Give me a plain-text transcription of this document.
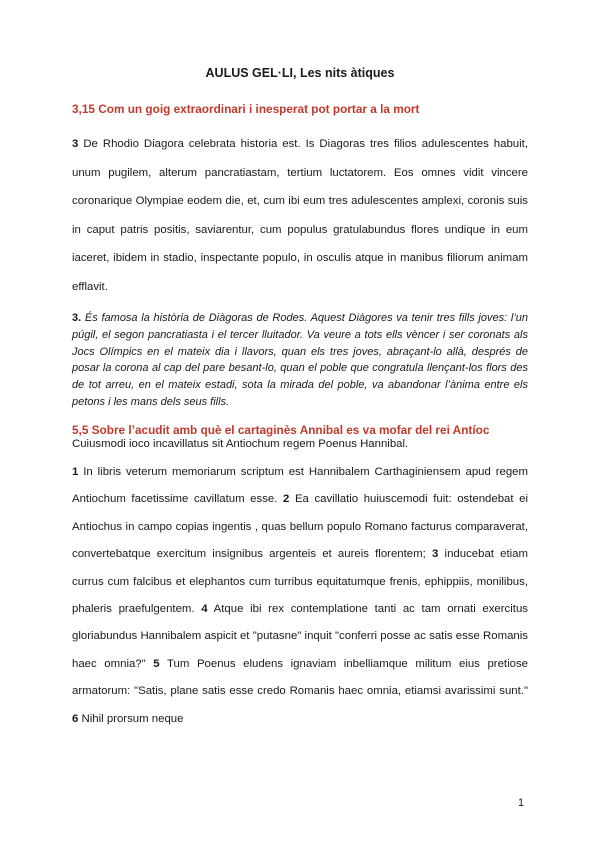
AULUS GEL·LI, Les nits àtiques
3,15 Com un goig extraordinari i inesperat pot portar a la mort

3 De Rhodio Diagora celebrata historia est. Is Diagoras tres filios adulescentes habuit, unum pugilem, alterum pancratiastam, tertium luctatorem. Eos omnes vidit vincere coronarique Olympiae eodem die, et, cum ibi eum tres adulescentes amplexi, coronis suis in caput patris positis, saviarentur, cum populus gratulabundus flores undique in eum iaceret, ibidem in stadio, inspectante populo, in osculis atque in manibus filiorum animam efflavit.

3. És famosa la història de Diàgoras de Rodes. Aquest Diàgores va tenir tres fills joves: l’un púgil, el segon pancratiasta i el tercer lluitador. Va veure a tots ells vèncer i ser coronats als Jocs Olímpics en el mateix dia i llavors, quan els tres joves, abraçant-lo allà, després de posar la corona al cap del pare besant-lo, quan el poble que congratula llençant-los flors des de tot arreu, en el mateix estadi, sota la mirada del poble, va abandonar l’ànima entre els petons i les mans dels seus fills.

5,5 Sobre l’acudit amb què el cartaginès Annibal es va mofar del rei Antíoc
Cuiusmodi ioco incavillatus sit Antiochum regem Poenus Hannibal.

1 In libris veterum memoriarum scriptum est Hannibalem Carthaginiensem apud regem Antiochum facetissime cavillatum esse. 2 Ea cavillatio huiuscemodi fuit: ostendebat ei Antiochus in campo copias ingentis , quas bellum populo Romano facturus comparaverat, convertebatque exercitum insignibus argenteis et aureis florentem; 3 inducebat etiam currus cum falcibus et elephantos cum turribus equitatumque frenis, ephippiis, monilibus, phaleris praefulgentem. 4 Atque ibi rex contemplatione tanti ac tam ornati exercitus gloriabundus Hannibalem aspicit et "putasne" inquit "conferri posse ac satis esse Romanis haec omnia?" 5 Tum Poenus eludens ignaviam inbelliamque militum eius pretiose armatorum: "Satis, plane satis esse credo Romanis haec omnia, etiamsi avarissimi sunt." 6 Nihil prorsum neque

1
